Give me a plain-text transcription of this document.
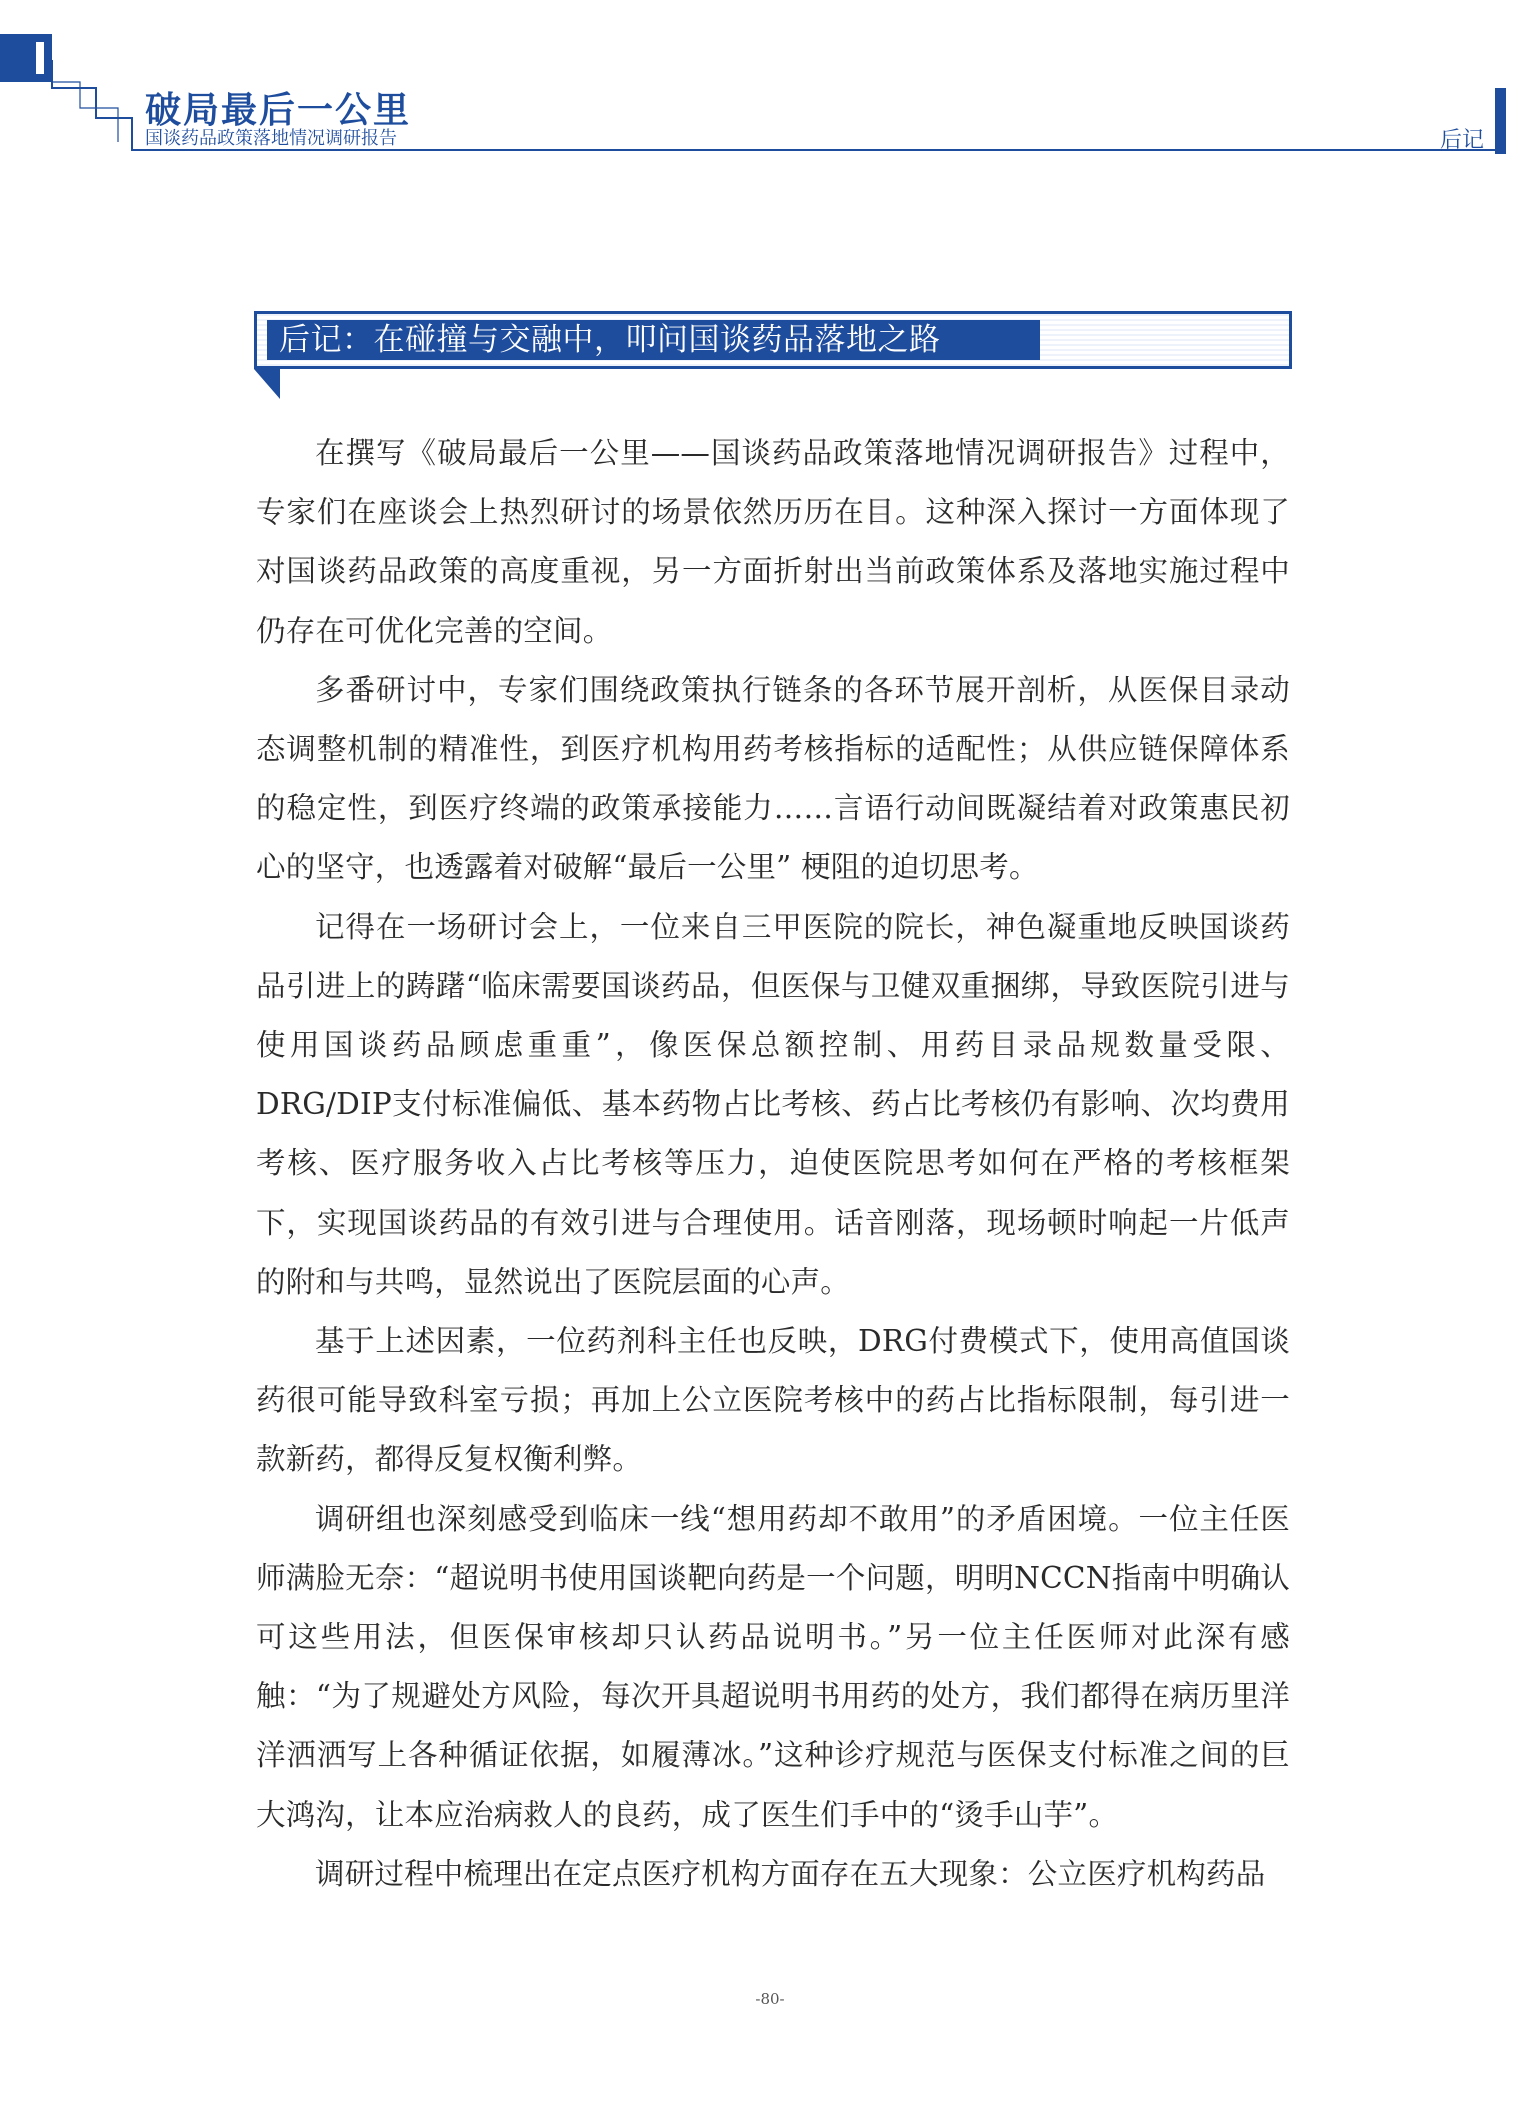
破局最后一公里
国谈药品政策落地情况调研报告	后记
后记：在碰撞与交融中，叩问国谈药品落地之路

在撰写《破局最后一公里——国谈药品政策落地情况调研报告》过程中，专家们在座谈会上热烈研讨的场景依然历历在目。这种深入探讨一方面体现了对国谈药品政策的高度重视，另一方面折射出当前政策体系及落地实施过程中仍存在可优化完善的空间。

多番研讨中，专家们围绕政策执行链条的各环节展开剖析，从医保目录动态调整机制的精准性，到医疗机构用药考核指标的适配性；从供应链保障体系的稳定性，到医疗终端的政策承接能力……言语行动间既凝结着对政策惠民初心的坚守，也透露着对破解“最后一公里” 梗阻的迫切思考。

记得在一场研讨会上，一位来自三甲医院的院长，神色凝重地反映国谈药品引进上的踌躇“临床需要国谈药品，但医保与卫健双重捆绑，导致医院引进与使用国谈药品顾虑重重”，像医保总额控制、用药目录品规数量受限、DRG/DIP支付标准偏低、基本药物占比考核、药占比考核仍有影响、次均费用考核、医疗服务收入占比考核等压力，迫使医院思考如何在严格的考核框架下，实现国谈药品的有效引进与合理使用。话音刚落，现场顿时响起一片低声的附和与共鸣，显然说出了医院层面的心声。

基于上述因素，一位药剂科主任也反映，DRG付费模式下，使用高值国谈药很可能导致科室亏损；再加上公立医院考核中的药占比指标限制，每引进一款新药，都得反复权衡利弊。

调研组也深刻感受到临床一线“想用药却不敢用”的矛盾困境。一位主任医师满脸无奈：“超说明书使用国谈靶向药是一个问题，明明NCCN指南中明确认可这些用法，但医保审核却只认药品说明书。”另一位主任医师对此深有感触：“为了规避处方风险，每次开具超说明书用药的处方，我们都得在病历里洋洋洒洒写上各种循证依据，如履薄冰。”这种诊疗规范与医保支付标准之间的巨大鸿沟，让本应治病救人的良药，成了医生们手中的“烫手山芋”。

调研过程中梳理出在定点医疗机构方面存在五大现象：公立医疗机构药品

-80-
